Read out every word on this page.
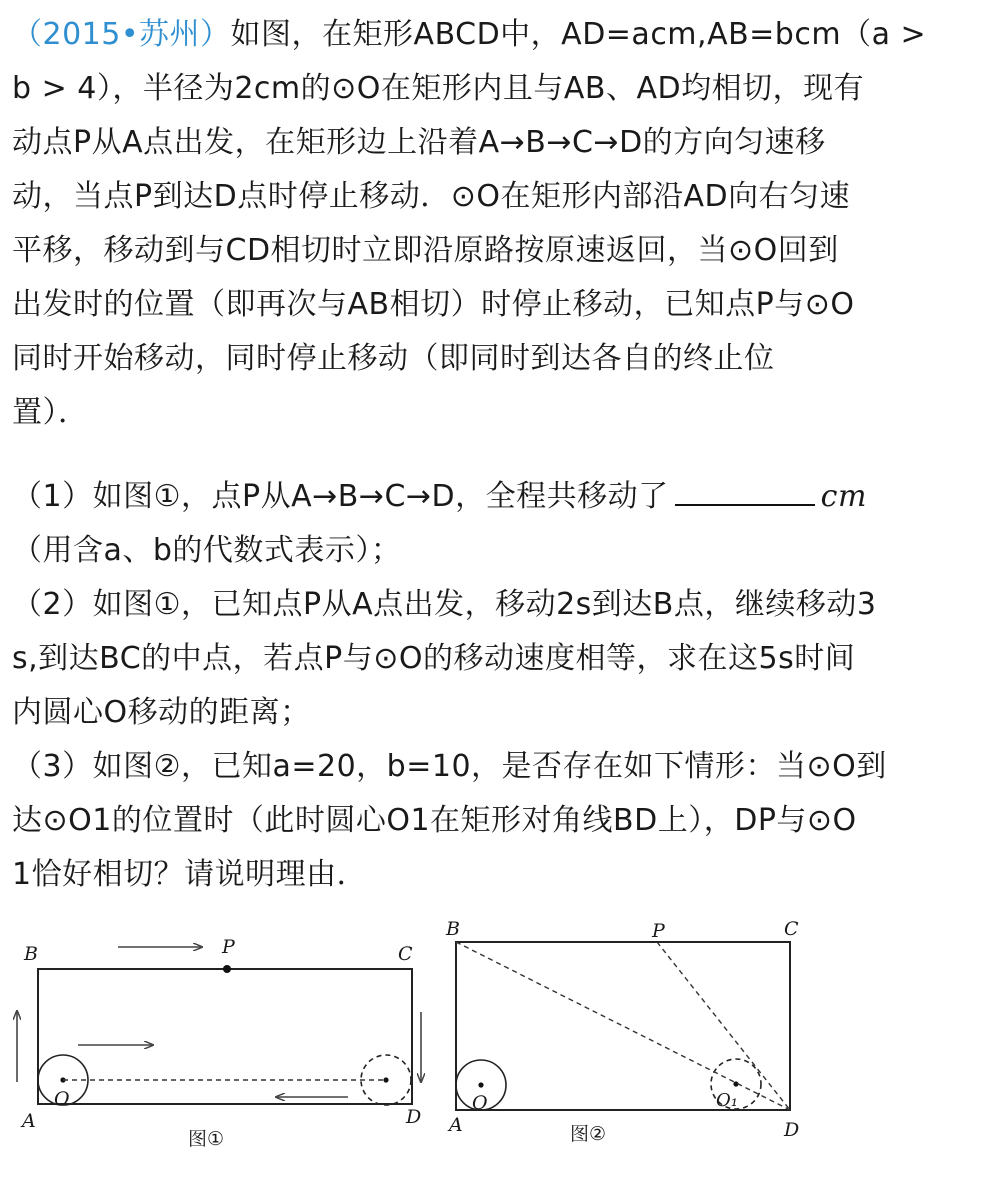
（2015•苏州）如图，在矩形ABCD中，AD=acm,AB=bcm（a >

b > 4），半径为2cm的⊙O在矩形内且与AB、AD均相切，现有

动点P从A点出发，在矩形边上沿着A→B→C→D的方向匀速移

动，当点P到达D点时停止移动．⊙O在矩形内部沿AD向右匀速

平移，移动到与CD相切时立即沿原路按原速返回，当⊙O回到

出发时的位置（即再次与AB相切）时停止移动，已知点P与⊙O

同时开始移动，同时停止移动（即同时到达各自的终止位

置）．

（1）如图①，点P从A→B→C→D，全程共移动了	cm

（用含a、b的代数式表示）；

（2）如图①，已知点P从A点出发，移动2s到达B点，继续移动3

s,到达BC的中点，若点P与⊙O的移动速度相等，求在这5s时间

内圆心O移动的距离；

（3）如图②，已知a=20，b=10，是否存在如下情形：当⊙O到

达⊙O1的位置时（此时圆心O1在矩形对角线BD上），DP与⊙O

1恰好相切？请说明理由．

B	C
A	D
P
O
图①
B	C
P
A	D
O	O₁
图②
